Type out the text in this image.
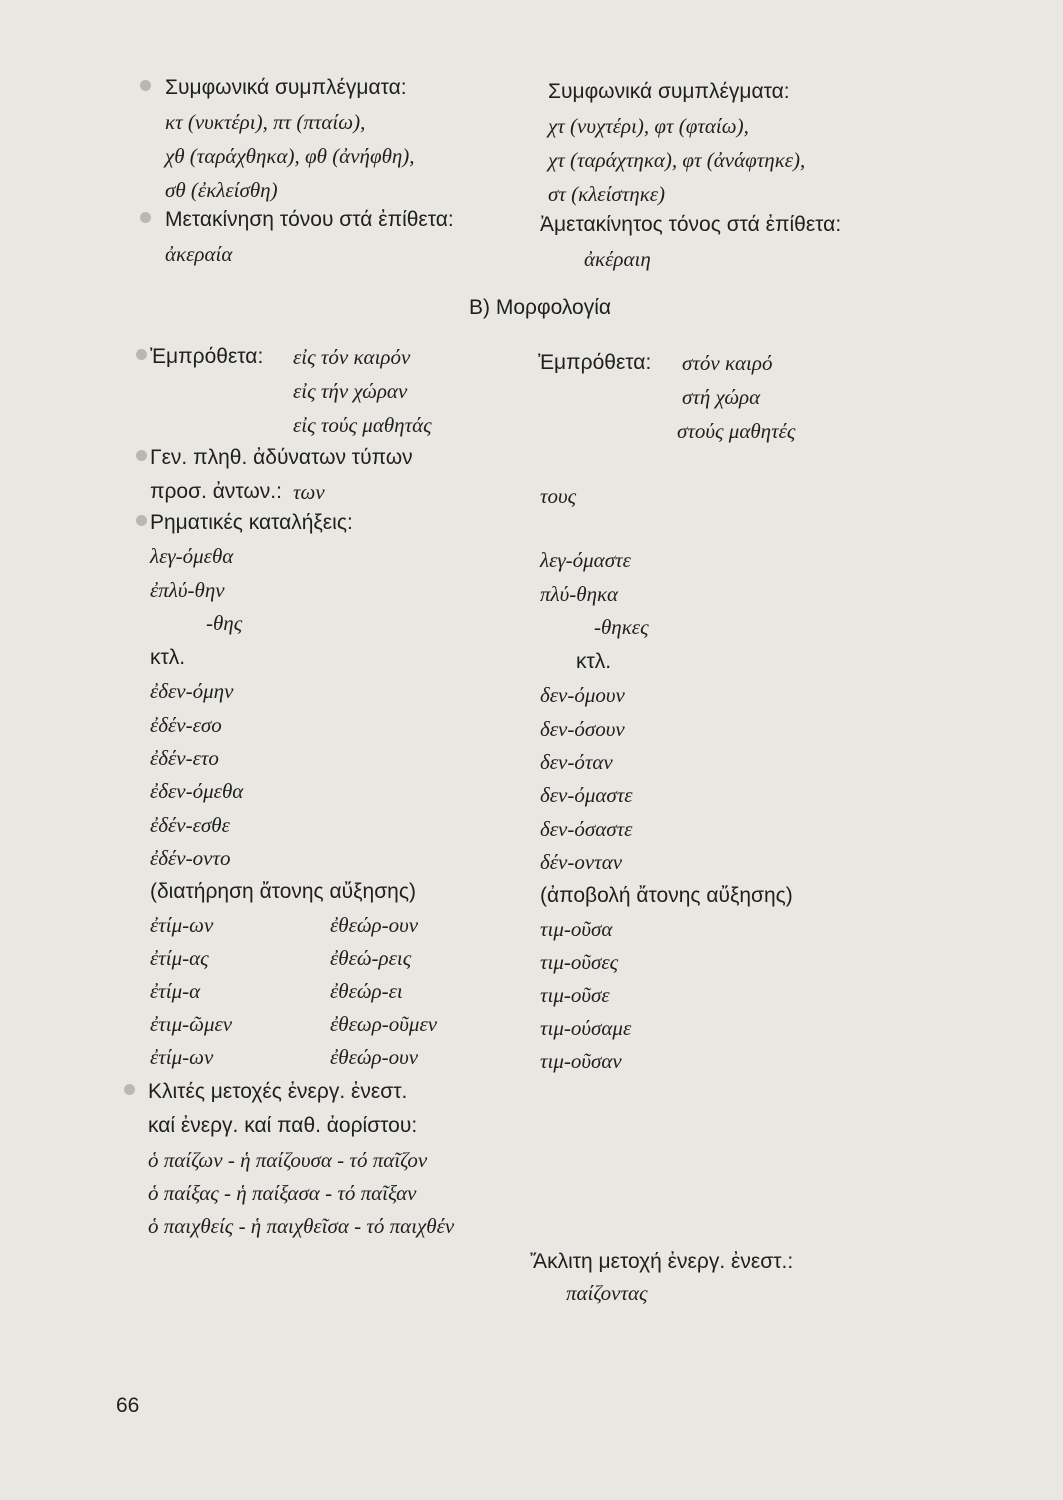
Συμφωνικά συμπλέγματα:
κτ (νυκτέρι), πτ (πταίω),
χθ (ταράχθηκα), φθ (ἀνήφθη),
σθ (ἐκλείσθη)
Συμφωνικά συμπλέγματα:
χτ (νυχτέρι), φτ (φταίω),
χτ (ταράχτηκα), φτ (ἀνάφτηκε),
στ (κλείστηκε)
Μετακίνηση τόνου στά ἐπίθετα:
ἀκεραία
Ἀμετακίνητος τόνος στά ἐπίθετα:
ἀκέραιη
Β) Μορφολογία
Ἐμπρόθετα: εἰς τόν καιρόν
εἰς τήν χώραν
εἰς τούς μαθητάς
Ἐμπρόθετα: στόν καιρό
στή χώρα
στούς μαθητές
Γεν. πληθ. ἀδύνατων τύπων
προσ. ἀντων.: των	τους
Ρηματικές καταλήξεις:
λεγ-όμεθα
ἐπλύ-θην
-θης
κτλ.
λεγ-όμαστε
πλύ-θηκα
-θηκες
κτλ.
ἐδεν-όμην
ἐδέν-εσο
ἐδέν-ετο
ἐδεν-όμεθα
ἐδέν-εσθε
ἐδέν-οντο
δεν-όμουν
δεν-όσουν
δεν-όταν
δεν-όμαστε
δεν-όσαστε
δέν-ονταν
(διατήρηση ἄτονης αὔξησης)	(ἀποβολή ἄτονης αὔξησης)
ἐτίμ-ων
ἐτίμ-ας
ἐτίμ-α
ἐτιμ-ῶμεν
ἐτίμ-ων
ἐθεώρ-ουν
ἐθεώ-ρεις
ἐθεώρ-ει
ἐθεωρ-οῦμεν
ἐθεώρ-ουν
τιμ-οῦσα
τιμ-οῦσες
τιμ-οῦσε
τιμ-ούσαμε
τιμ-οῦσαν
Κλιτές μετοχές ἐνεργ. ἐνεστ.
καί ἐνεργ. καί παθ. ἀορίστου:
ὁ παίζων - ἡ παίζουσα - τό παῖζον
ὁ παίξας - ἡ παίξασα - τό παῖξαν
ὁ παιχθείς - ἡ παιχθεῖσα - τό παιχθέν
Ἄκλιτη μετοχή ἐνεργ. ἐνεστ.:
παίζοντας
66
